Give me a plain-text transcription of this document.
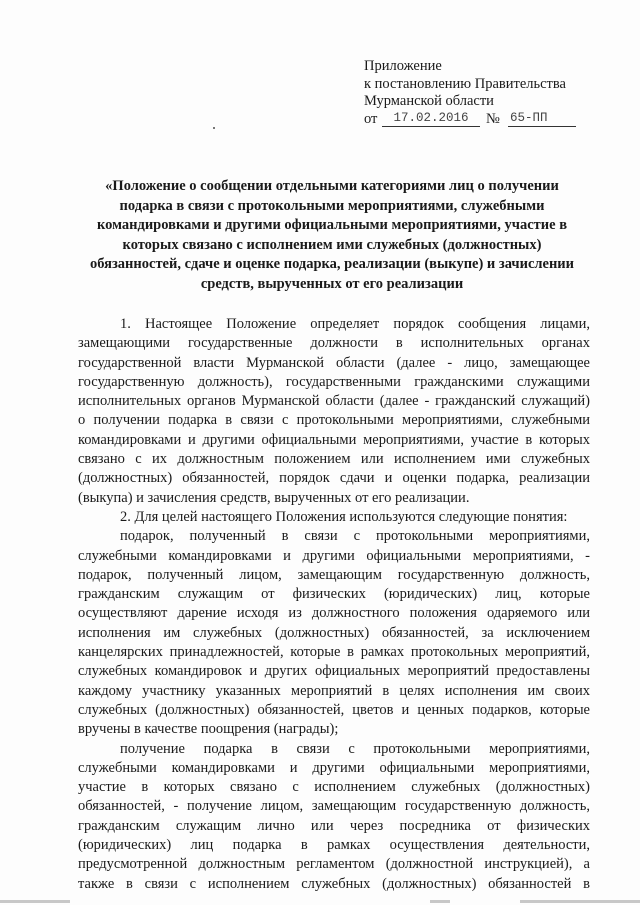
Приложение
к постановлению Правительства
Мурманской области
от	17.02.2016	№ 65-ПП
«Положение о сообщении отдельными категориями лиц о получении
подарка в связи с протокольными мероприятиями, служебными
командировками и другими официальными мероприятиями, участие в
которых связано с исполнением ими служебных (должностных)
обязанностей, сдаче и оценке подарка, реализации (выкупе) и зачислении
средств, вырученных от его реализации
1. Настоящее Положение определяет порядок сообщения лицами,
замещающими государственные должности в исполнительных органах
государственной власти Мурманской области (далее - лицо, замещающее
государственную должность), государственными гражданскими служащими
исполнительных органов Мурманской области (далее - гражданский служащий)
о получении подарка в связи с протокольными мероприятиями, служебными
командировками и другими официальными мероприятиями, участие в которых
связано с их должностным положением или исполнением ими служебных
(должностных) обязанностей, порядок сдачи и оценки подарка, реализации
(выкупа) и зачисления средств, вырученных от его реализации.
2. Для целей настоящего Положения используются следующие понятия:
подарок, полученный в связи с протокольными мероприятиями,
служебными командировками и другими официальными мероприятиями, -
подарок, полученный лицом, замещающим государственную должность,
гражданским служащим от физических (юридических) лиц, которые
осуществляют дарение исходя из должностного положения одаряемого или
исполнения им служебных (должностных) обязанностей, за исключением
канцелярских принадлежностей, которые в рамках протокольных мероприятий,
служебных командировок и других официальных мероприятий предоставлены
каждому участнику указанных мероприятий в целях исполнения им своих
служебных (должностных) обязанностей, цветов и ценных подарков, которые
вручены в качестве поощрения (награды);
получение подарка в связи с протокольными мероприятиями,
служебными командировками и другими официальными мероприятиями,
участие в которых связано с исполнением служебных (должностных)
обязанностей, - получение лицом, замещающим государственную должность,
гражданским служащим лично или через посредника от физических
(юридических) лиц подарка в рамках осуществления деятельности,
предусмотренной должностным регламентом (должностной инструкцией), а
также в связи с исполнением служебных (должностных) обязанностей в
